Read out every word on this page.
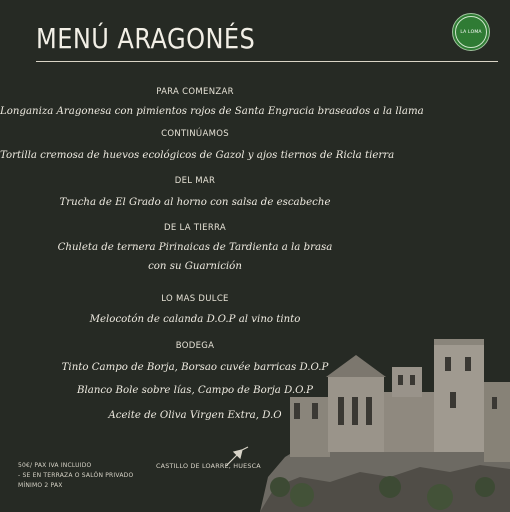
MENÚ ARAGONÉS	LA LOMA
PARA COMENZAR
Longaniza Aragonesa con pimientos rojos de Santa Engracia braseados a la llama
CONTINÚAMOS
Tortilla cremosa de huevos ecológicos de Gazol y ajos tiernos de Ricla tierra
DEL MAR
Trucha de El Grado al horno con salsa de escabeche
DE LA TIERRA
Chuleta de ternera Pirinaicas de Tardienta a la brasa
con su Guarnición
LO MAS DULCE
Melocotón de calanda D.O.P al vino tinto
BODEGA
Tinto Campo de Borja, Borsao cuvée barricas D.O.P
Blanco Bole sobre lías, Campo de Borja D.O.P
Aceite de Oliva Virgen Extra, D.O
50€/ PAX IVA INCLUIDO
- SE EN TERRAZA O SALÓN PRIVADO
MÍNIMO 2 PAX
CASTILLO DE LOARRE, HUESCA
